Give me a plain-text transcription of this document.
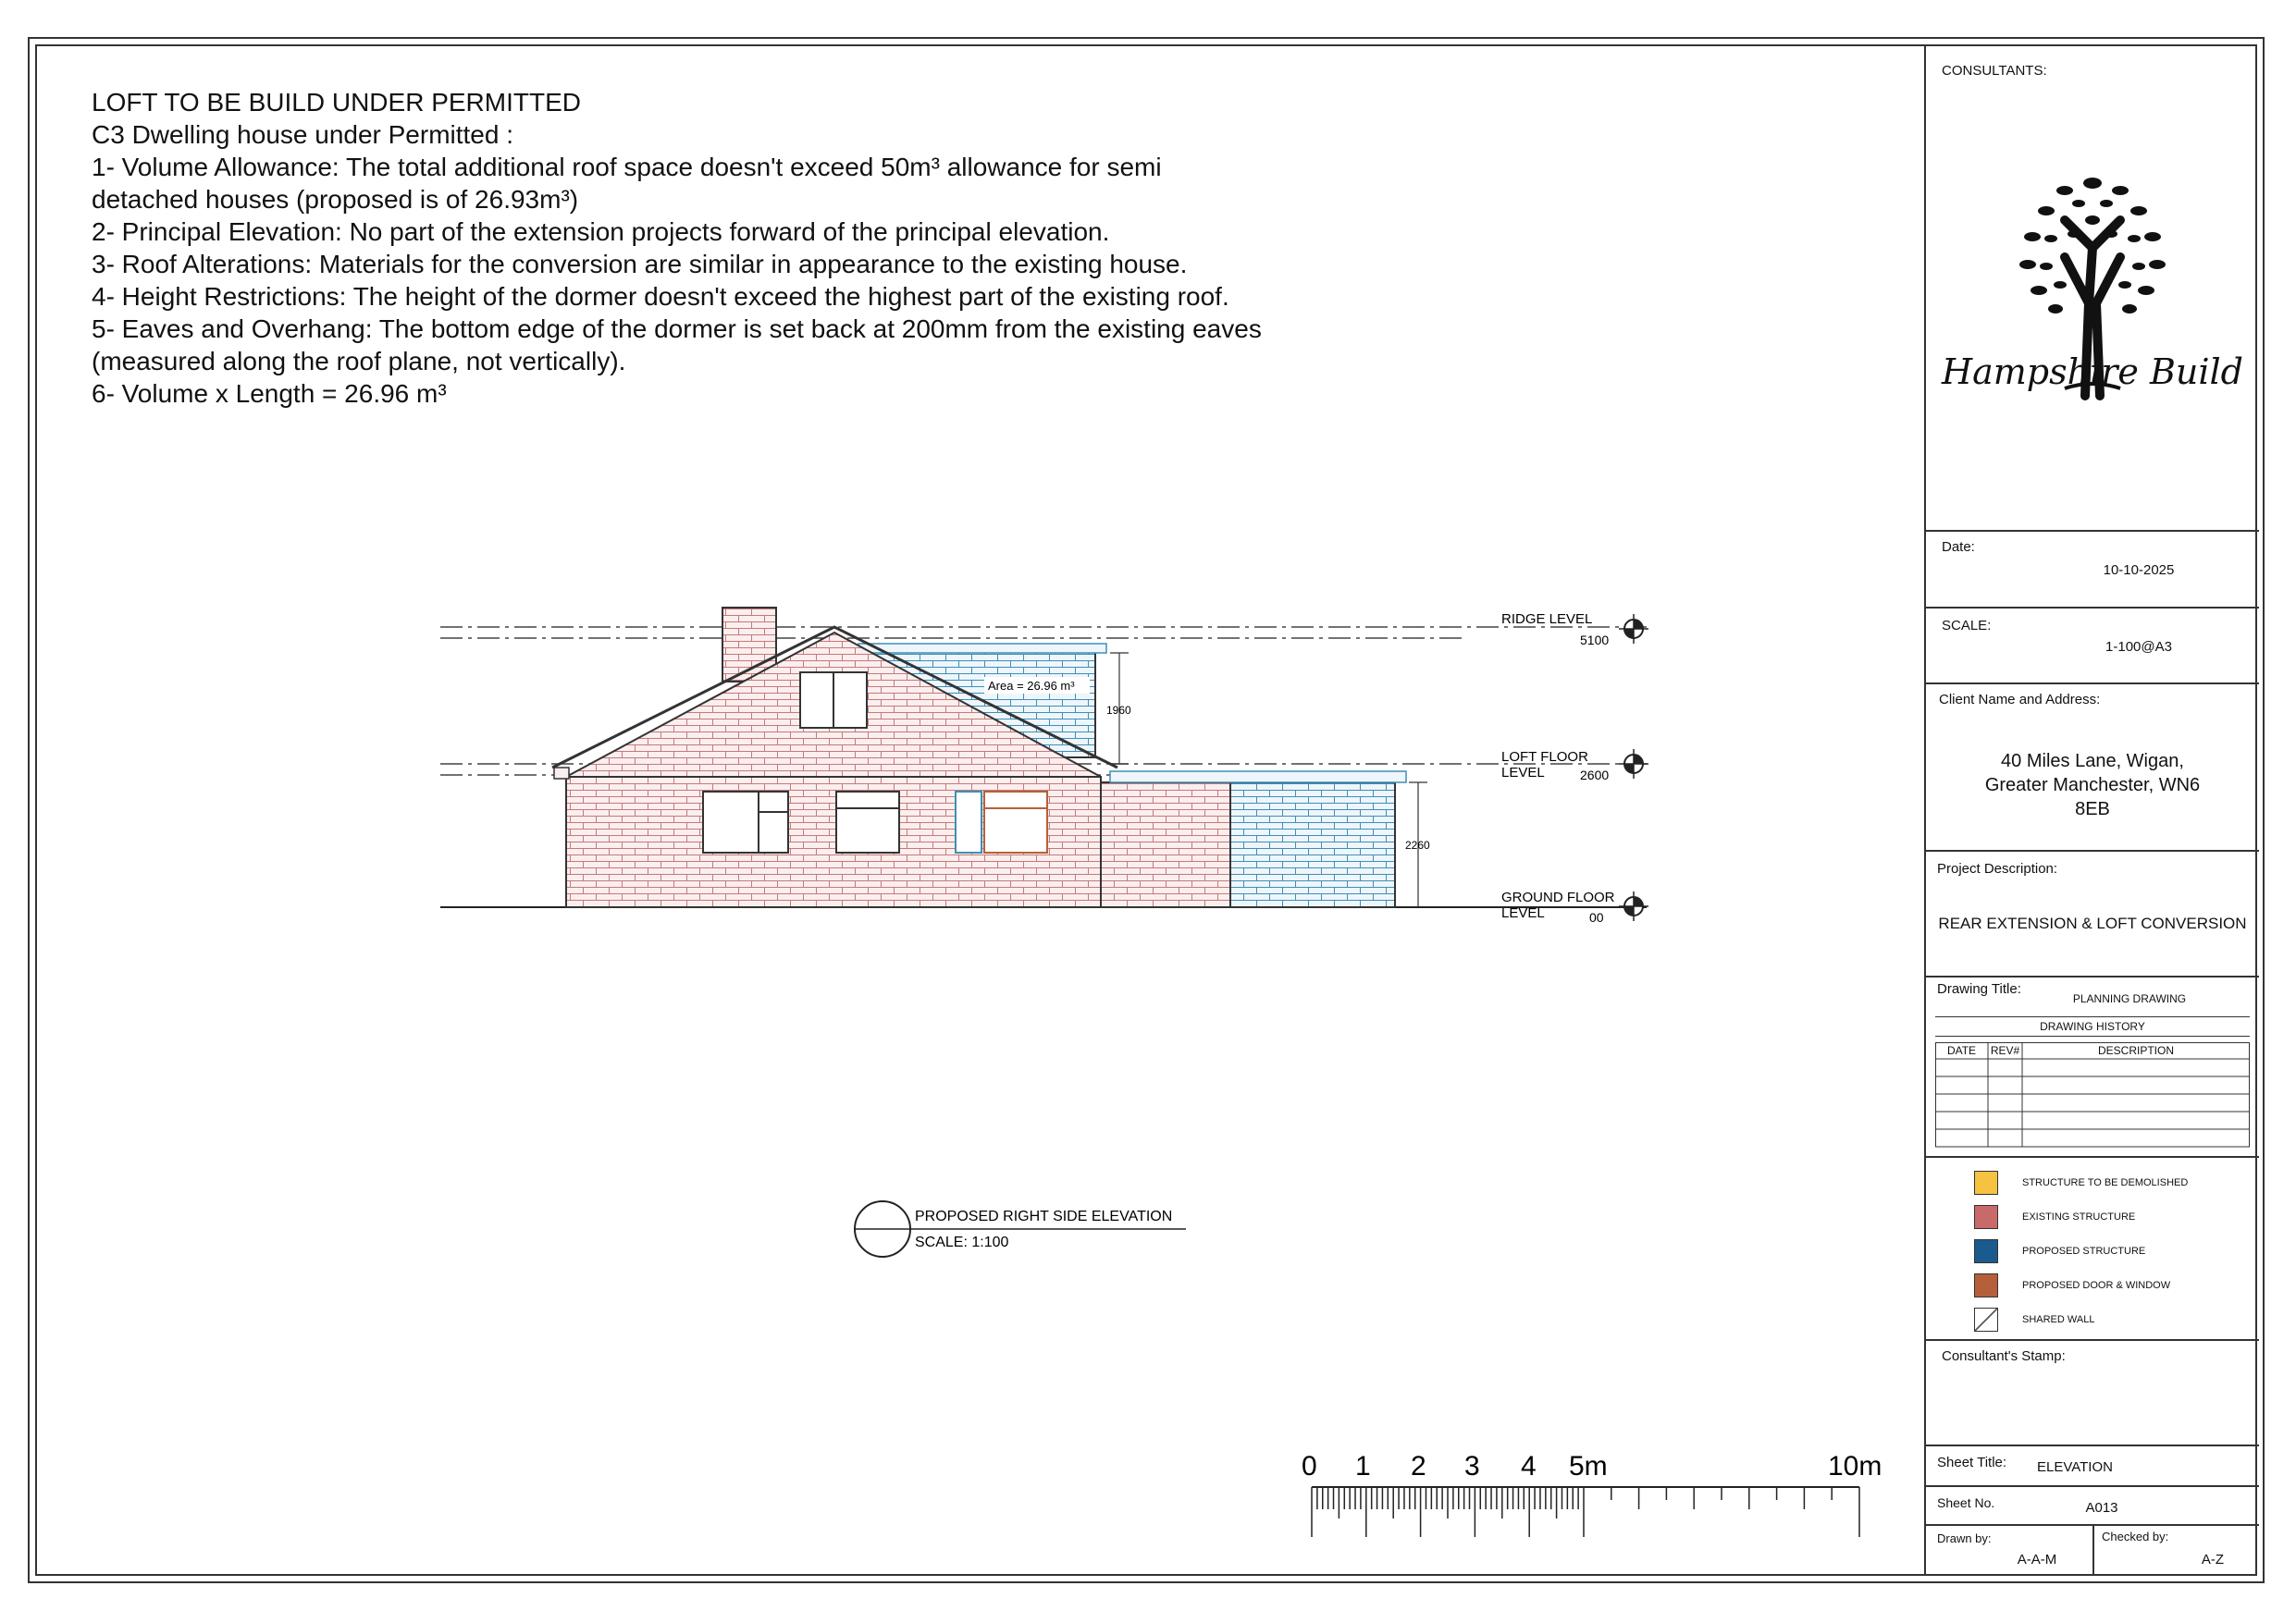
LOFT TO BE BUILD UNDER PERMITTED
C3 Dwelling house under Permitted :
1- Volume Allowance: The total additional roof space doesn't exceed 50m³ allowance for semi
detached houses (proposed is of 26.93m³)
2- Principal Elevation: No part of the extension projects forward of the principal elevation.
3- Roof Alterations: Materials for the conversion are similar in appearance to the existing house.
4- Height Restrictions: The height of the dormer doesn't exceed the highest part of the existing roof.
5- Eaves and Overhang: The bottom edge of the dormer is set back at 200mm from the existing eaves
(measured along the roof plane, not vertically).
6- Volume x Length = 26.96 m³
Area = 26.96 m³
1960
2260
RIDGE LEVEL
5100
LOFT FLOOR
LEVEL	2600
GROUND FLOOR
LEVEL	00
PROPOSED RIGHT SIDE ELEVATION
SCALE: 1:100
0 1 2 3 4 5m	10m
CONSULTANTS:
Hampshire Build
Date:
10-10-2025
SCALE:
1-100@A3
Client Name and Address:
40 Miles Lane, Wigan,
Greater Manchester, WN6
8EB
Project Description:
REAR EXTENSION & LOFT CONVERSION
Drawing Title:
PLANNING DRAWING
DRAWING HISTORY
DATE	REV#	DESCRIPTION
STRUCTURE TO BE DEMOLISHED
EXISTING STRUCTURE
PROPOSED STRUCTURE
PROPOSED DOOR & WINDOW
SHARED WALL
Consultant's Stamp:
Sheet Title: ELEVATION
Sheet No.	A013
Drawn by:
A-A-M
Checked by:
A-Z
